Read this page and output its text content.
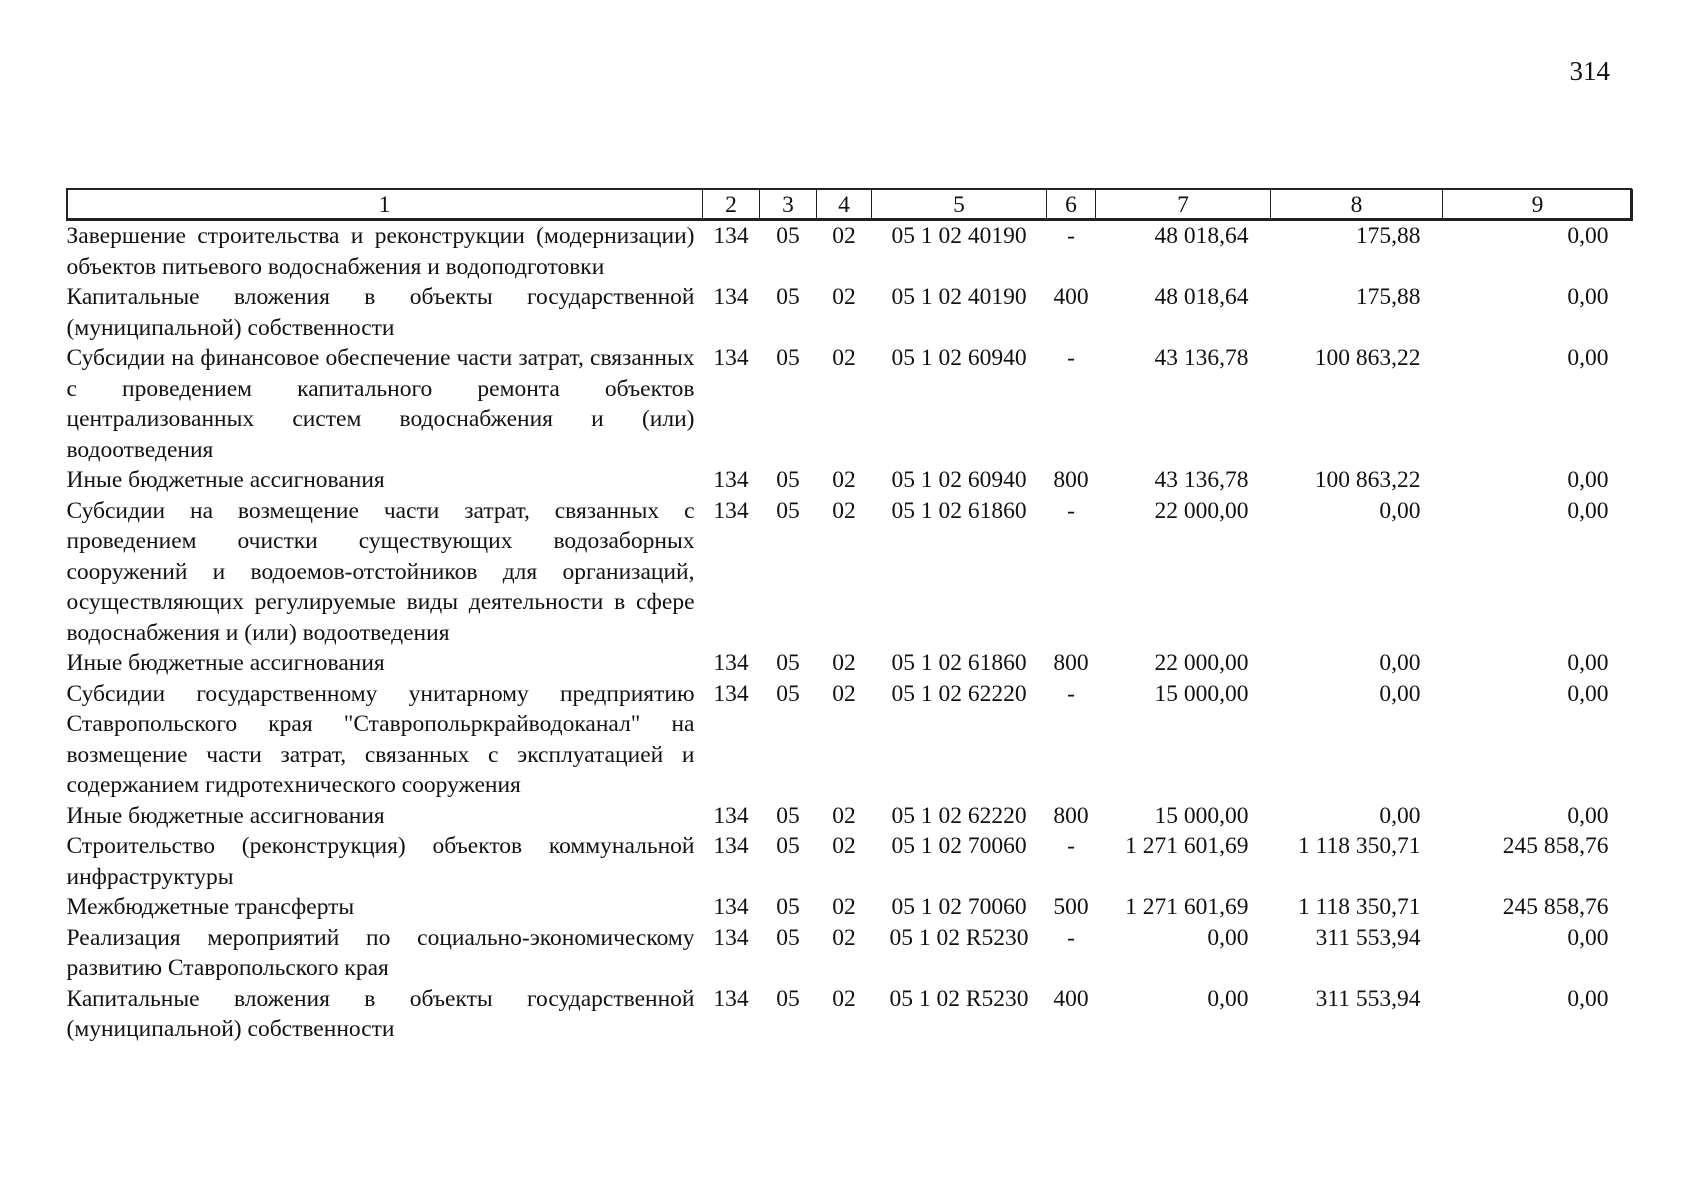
314
1	2	3	4	5	6	7	8	9
Завершение строительства и реконструкции (модернизации) объектов питьевого водоснабжения и водоподготовки	134	05	02	05 1 02 40190	-	48 018,64	175,88	0,00
Капитальные вложения в объекты государственной (муниципальной) собственности	134	05	02	05 1 02 40190	400	48 018,64	175,88	0,00
Субсидии на финансовое обеспечение части затрат, связанных с проведением капитального ремонта объектов централизованных систем водоснабжения и (или) водоотведения	134	05	02	05 1 02 60940	-	43 136,78	100 863,22	0,00
Иные бюджетные ассигнования	134	05	02	05 1 02 60940	800	43 136,78	100 863,22	0,00
Субсидии на возмещение части затрат, связанных с проведением очистки существующих водозаборных сооружений и водоемов-отстойников для организаций, осуществляющих регулируемые виды деятельности в сфере водоснабжения и (или) водоотведения	134	05	02	05 1 02 61860	-	22 000,00	0,00	0,00
Иные бюджетные ассигнования	134	05	02	05 1 02 61860	800	22 000,00	0,00	0,00
Субсидии государственному унитарному предприятию Ставропольского края "Ставропольркрайводоканал" на возмещение части затрат, связанных с эксплуатацией и содержанием гидротехнического сооружения	134	05	02	05 1 02 62220	-	15 000,00	0,00	0,00
Иные бюджетные ассигнования	134	05	02	05 1 02 62220	800	15 000,00	0,00	0,00
Строительство (реконструкция) объектов коммунальной инфраструктуры	134	05	02	05 1 02 70060	-	1 271 601,69	1 118 350,71	245 858,76
Межбюджетные трансферты	134	05	02	05 1 02 70060	500	1 271 601,69	1 118 350,71	245 858,76
Реализация мероприятий по социально-экономическому развитию Ставропольского края	134	05	02	05 1 02 R5230	-	0,00	311 553,94	0,00
Капитальные вложения в объекты государственной (муниципальной) собственности	134	05	02	05 1 02 R5230	400	0,00	311 553,94	0,00
